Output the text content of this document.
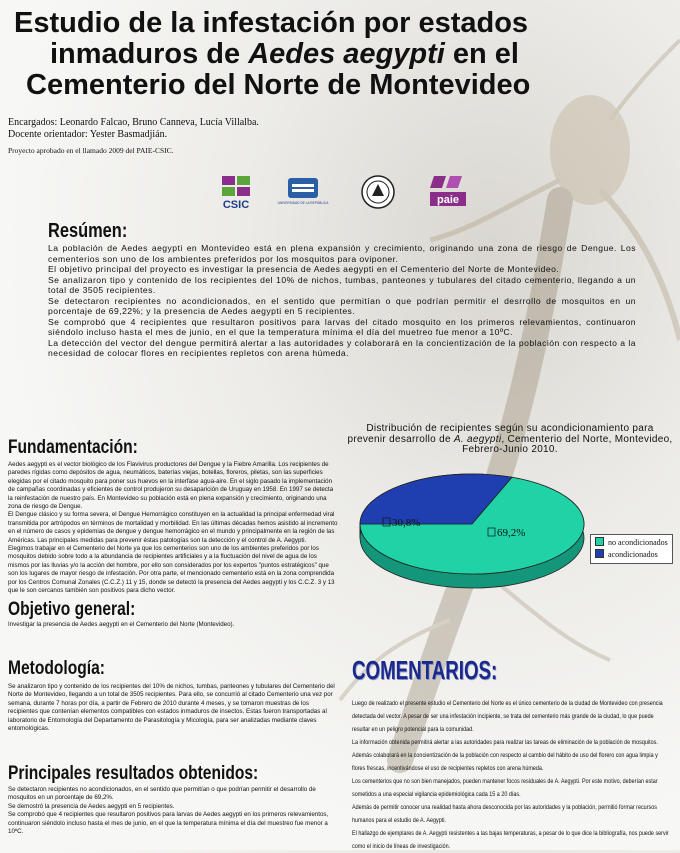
Estudio de la infestación por estados

inmaduros de Aedes aegypti en el
Cementerio del Norte de Montevideo
Encargados: Leonardo Falcao, Bruno Canneva, Lucía Villalba.
Docente orientador: Yester Basmadjián.
Proyecto aprobado en el llamado 2009 del PAIE-CSIC.
CSIC	UNIVERSIDAD DE LA REPÚBLICA	paie
Resúmen:

La población de Aedes aegypti en Montevideo está en plena expansión y crecimiento, originando una zona de riesgo de Dengue. Los cementerios son uno de los ambientes preferidos por los mosquitos para oviponer.

El objetivo principal del proyecto es investigar la presencia de Aedes aegypti en el Cementerio del Norte de Montevideo.

Se analizaron tipo y contenido de los recipientes del 10% de nichos, tumbas, panteones y tubulares del citado cementerio, llegando a un total de 3505 recipientes.

Se detectaron recipientes no acondicionados, en el sentido que permitían o que podrían permitir el desrrollo de mosquitos en un porcentaje de 69,22%; y la presencia de Aedes aegypti en 5 recipientes.

Se comprobó que 4 recipientes que resultaron positivos para larvas del citado mosquito en los primeros relevamientos, continuaron siéndolo incluso hasta el mes de junio, en el que la temperatura mínima el día del muetreo fue menor a 10ºC.

La detección del vector del dengue permitirá alertar a las autoridades y colaborará en la concientización de la población con respecto a la necesidad de colocar flores en recipientes repletos con arena húmeda.

Fundamentación:

Aedes aegypti es el vector biológico de los Flavivirus productores del Dengue y la Fiebre Amarilla. Los recipientes de paredes rígidas como depósitos de agua, neumáticos, baterías viejas, botellas, floreros, piletas, son las superficies elegidas por el citado mosquito para poner sus huevos en la interfase agua-aire. En el siglo pasado la implementación de campañas coordinadas y eficientes de control produjeron su desaparición de Uruguay en 1958. En 1997 se detecta la reinfestación de nuestro país. En Montevideo su población está en plena expansión y crecimiento, originando una zona de riesgo de Dengue.

El Dengue clásico y su forma severa, el Dengue Hemorrágico constituyen en la actualidad la principal enfermedad viral transmitida por artrópodos en términos de mortalidad y morbilidad. En las últimas décadas hemos asistido al incremento en el número de casos y epidemias de dengue y dengue hemorrágico en el mundo y principalmente en la región de las Américas. Las principales medidas para prevenir éstas patologías son la detección y el control de A. Aegypti.

Elegimos trabajar en el Cementerio del Norte ya que los cementerios son uno de los ambientes preferidos por los mosquitos debido sobre todo a la abundancia de recipientes artificiales y a la fluctuación del nivel de agua de los mismos por las lluvias y/o la acción del hombre, por ello son considerados por los expertos "puntos estratégicos" que son los lugares de mayor riesgo de infestación. Por otra parte, el mencionado cementerio está en la zona comprendida por los Centros Comunal Zonales (C.C.Z.) 11 y 15, donde se detectó la presencia del Aedes aegypti y los C.C.Z. 3 y 13 que le son cercanos también son positivos para dicho vector.

Objetivo general:
Investigar la presencia de Aedes aegypti en el Cementerio del Norte (Montevideo).
Metodología:
Se analizaron tipo y contenido de los recipientes del 10% de nichos, tumbas, panteones y tubulares del Cementerio del Norte de Montevideo, llegando a un total de 3505 recipientes. Para ello, se concurrió al citado Cementerio una vez por semana, durante 7 horas por día, a partir de Febrero de 2010 durante 4 meses, y se tomaron muestras de los recipientes que contenían elementos compatibles con estados inmaduros de insectos. Estas fueron transportadas al laboratorio de Entomología del Departamento de Parasitología y Micología, para ser analizadas mediante claves entomológicas.
Principales resultados obtenidos:

Se detectaron recipientes no acondicionados, en el sentido que permitían o que podrían permitir el desarrollo de mosquitos en un porcentaje de 69,2%.

Se demostró la presencia de Aedes aegypti en 5 recipientes.

Se comprobó que 4 recipientes que resultaron positivos para larvas de Aedes aegypti en los primeros relevamientos, continuaron siéndolo incluso hasta el mes de junio, en el que la temperatura mínima el día del muestreo fue menor a 10ºC.

COMENTARIOS:

Luego de realizado el presente estudio el Cementerio del Norte es el único cementerio de la ciudad de Montevideo con presencia detectada del vector. A pesar de ser una infestación incipiente, se trata del cementerio más grande de la ciudad, lo que puede resultar en un peligro potencial para la comunidad.

La información obtenida permitirá alertar a las autoridades para realizar las tareas de eliminación de la población de mosquitos. Además colaborará en la concientización de la población con respecto al cambio del hábito de uso del florero con agua limpia y flores frescas, incentivándose el uso de recipientes repletos con arena húmeda.

Los cementerios que no son bien manejados, pueden mantener focos residuales de A. Aegypti. Por este motivo, deberían estar sometidos a una especial vigilancia epidemiológica cada 15 a 20 días.

Además de permitir conocer una realidad hasta ahora desconocida por las autoridades y la población, permitió formar recursos humanos para el estudio de A. Aegypti.

El hallazgo de ejemplares de A. Aegypti resistentes a las bajas temperaturas, a pesar de lo que dice la bibliografía, nos puede servir como el inicio de líneas de investigación.

Distribución de recipientes según su acondicionamiento para prevenir desarrollo de A. aegypti, Cementerio del Norte, Montevideo, Febrero-Junio 2010.
69,2%
30,8%
no acondicionados
acondicionados
